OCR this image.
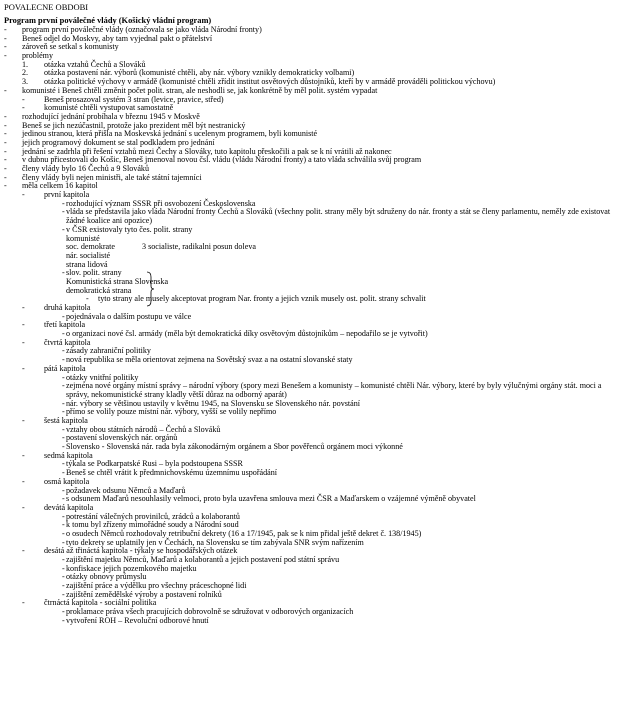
POVALECNE OBDOBI
Program první poválečné vlády (Košický vládní program)
- program první poválečné vlády (označovala se jako vláda Národní fronty)
- Beneš odjel do Moskvy, aby tam vyjednal pakt o přátelství
- zároveň se setkal s komunisty
- problémy
1. otázka vztahů Čechů a Slováků
2. otázka postavení nár. výborů (komunisté chtěli, aby nár. výbory vznikly demokraticky volbami)
3. otázka politické výchovy v armádě (komunisté chtěli zřídit institut osvětových důstojníků, kteří by v armádě prováděli politickou výchovu)
- komunisté i Beneš chtěli změnit počet polit. stran, ale neshodli se, jak konkrétně by měl polit. systém vypadat
- Beneš prosazoval systém 3 stran (levice, pravice, střed)
- komunisté chtěli vystupovat samostatně
- rozhodující jednání probíhala v březnu 1945 v Moskvě
- Beneš se jich nezúčastnil, protože jako prezident měl být nestranický
- jedinou stranou, která přišla na Moskevská jednání s ucelenym programem, byli komunisté
- jejich programový dokument se stal podkladem pro jednání
- jednání se zadrhla při řešení vztahů mezi Čechy a Slováky, tuto kapitolu přeskočili a pak se k ní vrátili až nakonec
- v dubnu přicestovali do Košic, Beneš jmenoval novou čsl. vládu (vládu Národní fronty) a tato vláda schválila svůj program
- členy vlády bylo 16 Čechů a 9 Slováků
- členy vlády byli nejen ministři, ale také státní tajemníci
- měla celkem 16 kapitol
- první kapitola
- rozhodující význam SSSR při osvobození Československa
- vláda se představila jako vláda Národní fronty Čechů a Slováků (všechny polit. strany měly být sdruženy do nár. fronty a stát se členy parlamentu, neměly zde existovat žádné koalice ani opozice)
- v ČSR existovaly tyto čes. polit. strany
komunisté
soc. demokrate	3 socialiste, radikalni posun doleva
nár. socialisté
strana lidová
- slov. polit. strany
Komunistická strana Slovenska
demokratická strana
- tyto strany ale musely akceptovat program Nar. fronty a jejich vznik musely ost. polit. strany schvalit
- druhá kapitola
- pojednávala o dalším postupu ve válce
- třetí kapitola
- o organizaci nové čsl. armády (měla být demokratická díky osvětovým důstojníkům – nepodařilo se je vytvořit)
- čtvrtá kapitola
- zásady zahraniční politiky
- nová republika se měla orientovat zejmena na Sovětský svaz a na ostatní slovanské staty
- pátá kapitola
- otázky vnitřní politiky
- zejména nové orgány místní správy – národní výbory (spory mezi Benešem a komunisty – komunisté chtěli Nár. výbory, které by byly výlučnými orgány stát. moci a správy, nekomunistické strany kladly větší důraz na odborný aparát)
- nár. výbory se většinou ustavily v květnu 1945, na Slovensku se Slovenského nár. povstání
- přímo se volily pouze místní nár. výbory, vyšší se volily nepřímo
- šestá kapitola
- vztahy obou státních národů – Čechů a Slováků
- postavení slovenských nár. orgánů
- Slovensko - Slovenská nár. rada byla zákonodárným orgánem a Sbor pověřenců orgánem moci výkonné
- sedmá kapitola
- týkala se Podkarpatské Rusi – byla podstoupena SSSR
- Beneš se chtěl vrátit k předmnichovskému územnímu uspořádání
- osmá kapitola
- požadavek odsunu Němců a Maďarů
- s odsunem Maďarů nesouhlasily velmoci, proto byla uzavřena smlouva mezi ČSR a Maďarskem o vzájemné výměně obyvatel
- devátá kapitola
- potrestání válečných provinilců, zrádců a kolaborantů
- k tomu byl zřízeny mimořádné soudy a Národní soud
- o osudech Němců rozhodovaly retribuční dekrety (16 a 17/1945, pak se k nim přidal ještě dekret č. 138/1945)
- tyto dekrety se uplatnily jen v Čechách, na Slovensku se tím zabývala SNR svým nařízením
- desátá až třináctá kapitola - týkaly se hospodářských otázek
- zajištění majetku Němců, Maďarů a kolaborantů a jejich postavení pod státní správu
- konfiskace jejich pozemkového majetku
- otázky obnovy průmyslu
- zajištění práce a výdělku pro všechny práceschopné lidi
- zajištění zemědělské výroby a postavení rolníků
- čtrnáctá kapitola - sociální politika
- proklamace práva všech pracujících dobrovolně se sdružovat v odborových organizacích
- vytvoření ROH – Revoluční odborové hnutí
